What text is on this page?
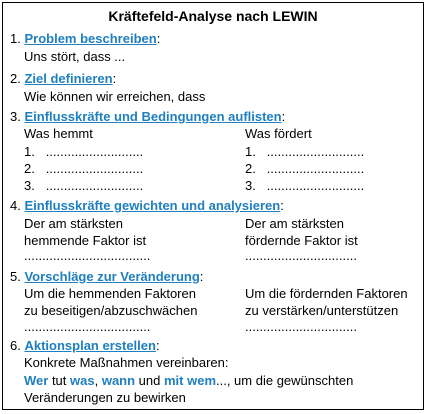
Kräftefeld-Analyse nach LEWIN
1. Problem beschreiben:
Uns stört, dass ...
2. Ziel definieren:
Wie können wir erreichen, dass
3. Einflusskräfte und Bedingungen auflisten:
Was hemmt	Was fördert
1. ...........................
2. ...........................
3. ...........................
1. ...........................
2. ...........................
3. ...........................
4. Einflusskräfte gewichten und analysieren:
Der am stärksten
hemmende Faktor ist
...................................
Der am stärksten
fördernde Faktor ist
...............................
5. Vorschläge zur Veränderung:
Um die hemmenden Faktoren
zu beseitigen/abzuschwächen
...................................
Um die fördernden Faktoren
zu verstärken/unterstützen
...............................
6. Aktionsplan erstellen:
Konkrete Maßnahmen vereinbaren:
Wer tut was, wann und mit wem..., um die gewünschten
Veränderungen zu bewirken
